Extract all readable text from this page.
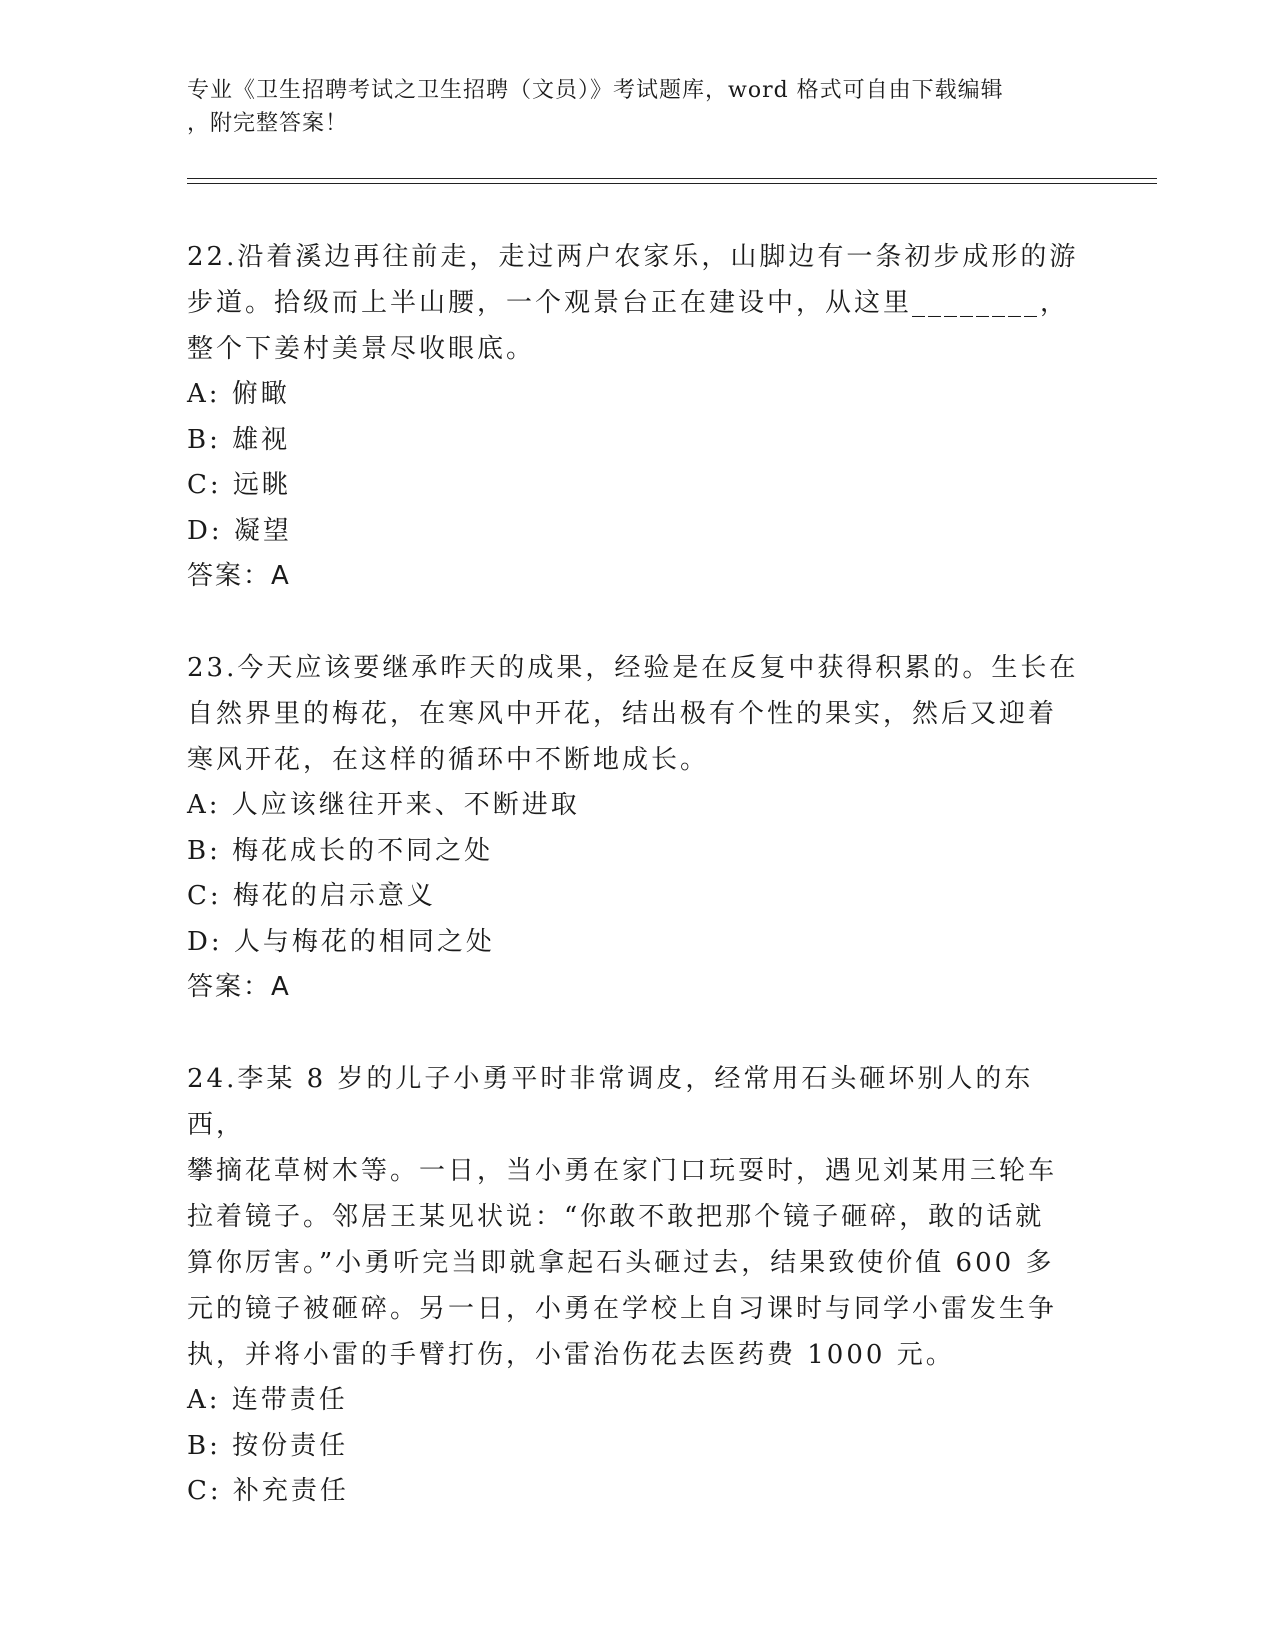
专业《卫生招聘考试之卫生招聘（文员）》考试题库，word 格式可自由下载编辑
，附完整答案！

22.沿着溪边再往前走，走过两户农家乐，山脚边有一条初步成形的游
步道。拾级而上半山腰，一个观景台正在建设中，从这里________，
整个下姜村美景尽收眼底。

A: 俯瞰

B: 雄视

C: 远眺

D: 凝望

答案：A

23.今天应该要继承昨天的成果，经验是在反复中获得积累的。生长在
自然界里的梅花，在寒风中开花，结出极有个性的果实，然后又迎着
寒风开花，在这样的循环中不断地成长。

A: 人应该继往开来、不断进取

B: 梅花成长的不同之处

C: 梅花的启示意义

D: 人与梅花的相同之处

答案：A

24.李某 8 岁的儿子小勇平时非常调皮，经常用石头砸坏别人的东西，
攀摘花草树木等。一日，当小勇在家门口玩耍时，遇见刘某用三轮车
拉着镜子。邻居王某见状说：“你敢不敢把那个镜子砸碎，敢的话就
算你厉害。”小勇听完当即就拿起石头砸过去，结果致使价值 600 多
元的镜子被砸碎。另一日，小勇在学校上自习课时与同学小雷发生争
执，并将小雷的手臂打伤，小雷治伤花去医药费 1000 元。

A: 连带责任

B: 按份责任

C: 补充责任
